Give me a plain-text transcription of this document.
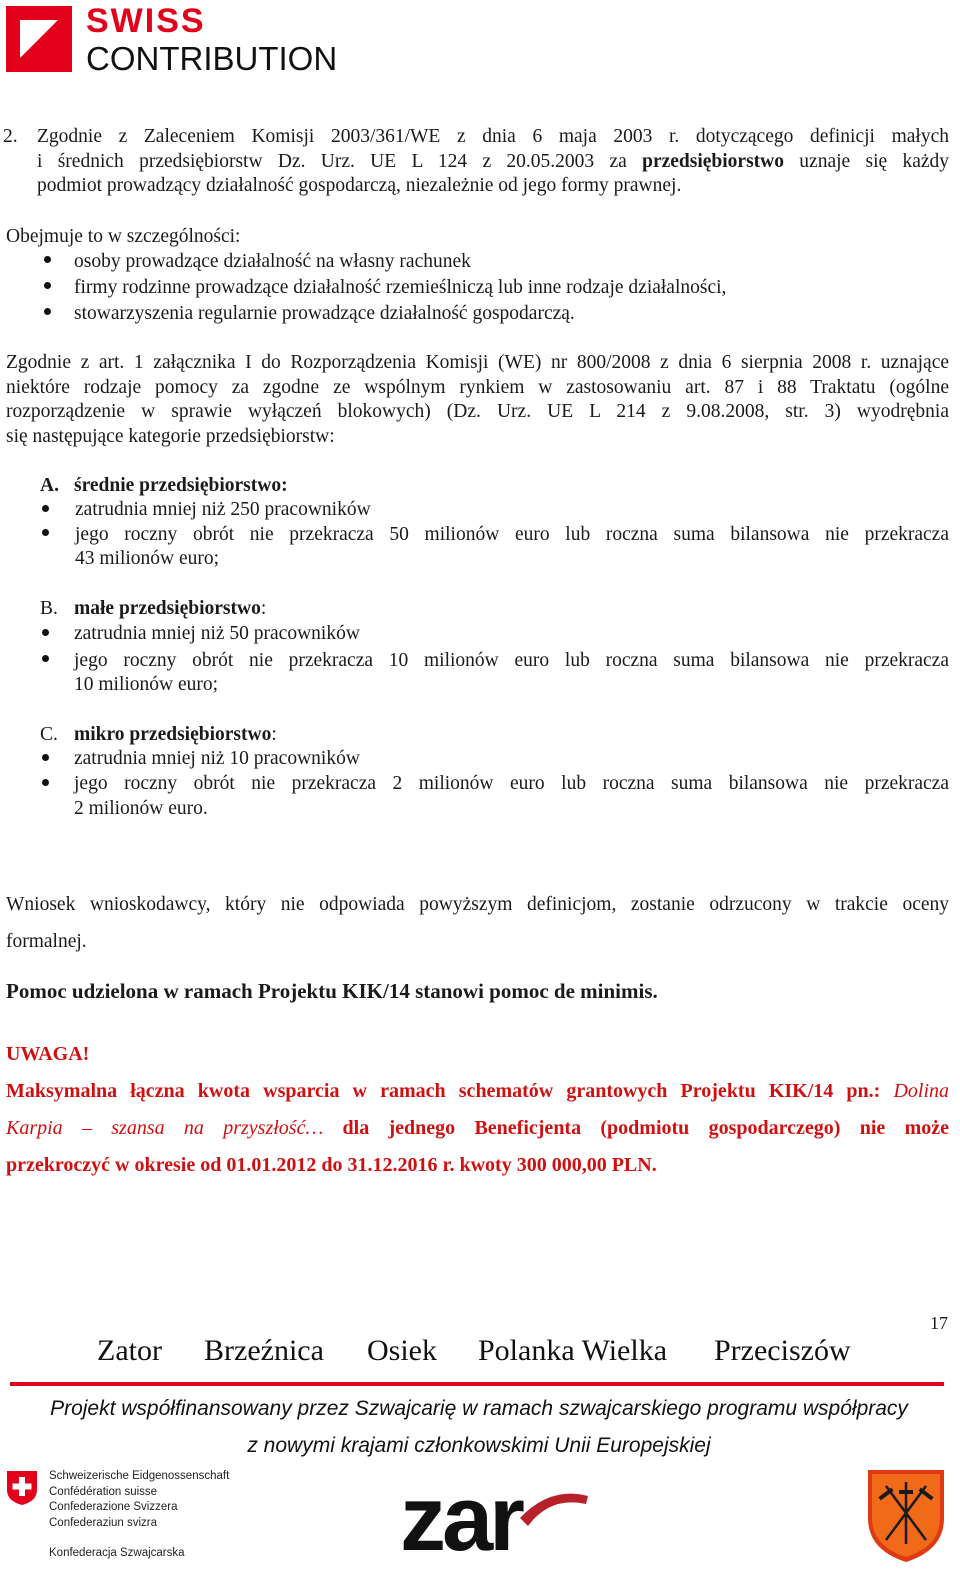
SWISS
CONTRIBUTION
2. Zgodnie z Zaleceniem Komisji 2003/361/WE z dnia 6 maja 2003 r. dotyczącego definicji małych
i średnich przedsiębiorstw Dz. Urz. UE L 124 z 20.05.2003 za przedsiębiorstwo uznaje się każdy
podmiot prowadzący działalność gospodarczą, niezależnie od jego formy prawnej.
Obejmuje to w szczególności:
osoby prowadzące działalność na własny rachunek
firmy rodzinne prowadzące działalność rzemieślniczą lub inne rodzaje działalności,
stowarzyszenia regularnie prowadzące działalność gospodarczą.
Zgodnie z art. 1 załącznika I do Rozporządzenia Komisji (WE) nr 800/2008 z dnia 6 sierpnia 2008 r. uznające
niektóre rodzaje pomocy za zgodne ze wspólnym rynkiem w zastosowaniu art. 87 i 88 Traktatu (ogólne
rozporządzenie w sprawie wyłączeń blokowych) (Dz. Urz. UE L 214 z 9.08.2008, str. 3) wyodrębnia
się następujące kategorie przedsiębiorstw:
A. średnie przedsiębiorstwo:
zatrudnia mniej niż 250 pracowników
jego roczny obrót nie przekracza 50 milionów euro lub roczna suma bilansowa nie przekracza
43 milionów euro;
B. małe przedsiębiorstwo:
zatrudnia mniej niż 50 pracowników
jego roczny obrót nie przekracza 10 milionów euro lub roczna suma bilansowa nie przekracza
10 milionów euro;
C. mikro przedsiębiorstwo:
zatrudnia mniej niż 10 pracowników
jego roczny obrót nie przekracza 2 milionów euro lub roczna suma bilansowa nie przekracza
2 milionów euro.
Wniosek wnioskodawcy, który nie odpowiada powyższym definicjom, zostanie odrzucony w trakcie oceny
formalnej.
Pomoc udzielona w ramach Projektu KIK/14 stanowi pomoc de minimis.
UWAGA!
Maksymalna łączna kwota wsparcia w ramach schematów grantowych Projektu KIK/14 pn.: Dolina
Karpia – szansa na przyszłość… dla jednego Beneficjenta (podmiotu gospodarczego) nie może
przekroczyć w okresie od 01.01.2012 do 31.12.2016 r. kwoty 300 000,00 PLN.
17
Zator Brzeźnica Osiek Polanka Wielka Przeciszów
Projekt współfinansowany przez Szwajcarię w ramach szwajcarskiego programu współpracy
z nowymi krajami członkowskimi Unii Europejskiej
Schweizerische Eidgenossenschaft
Confédération suisse
Confederazione Svizzera
Confederaziun svizra
Konfederacja Szwajcarska zar
